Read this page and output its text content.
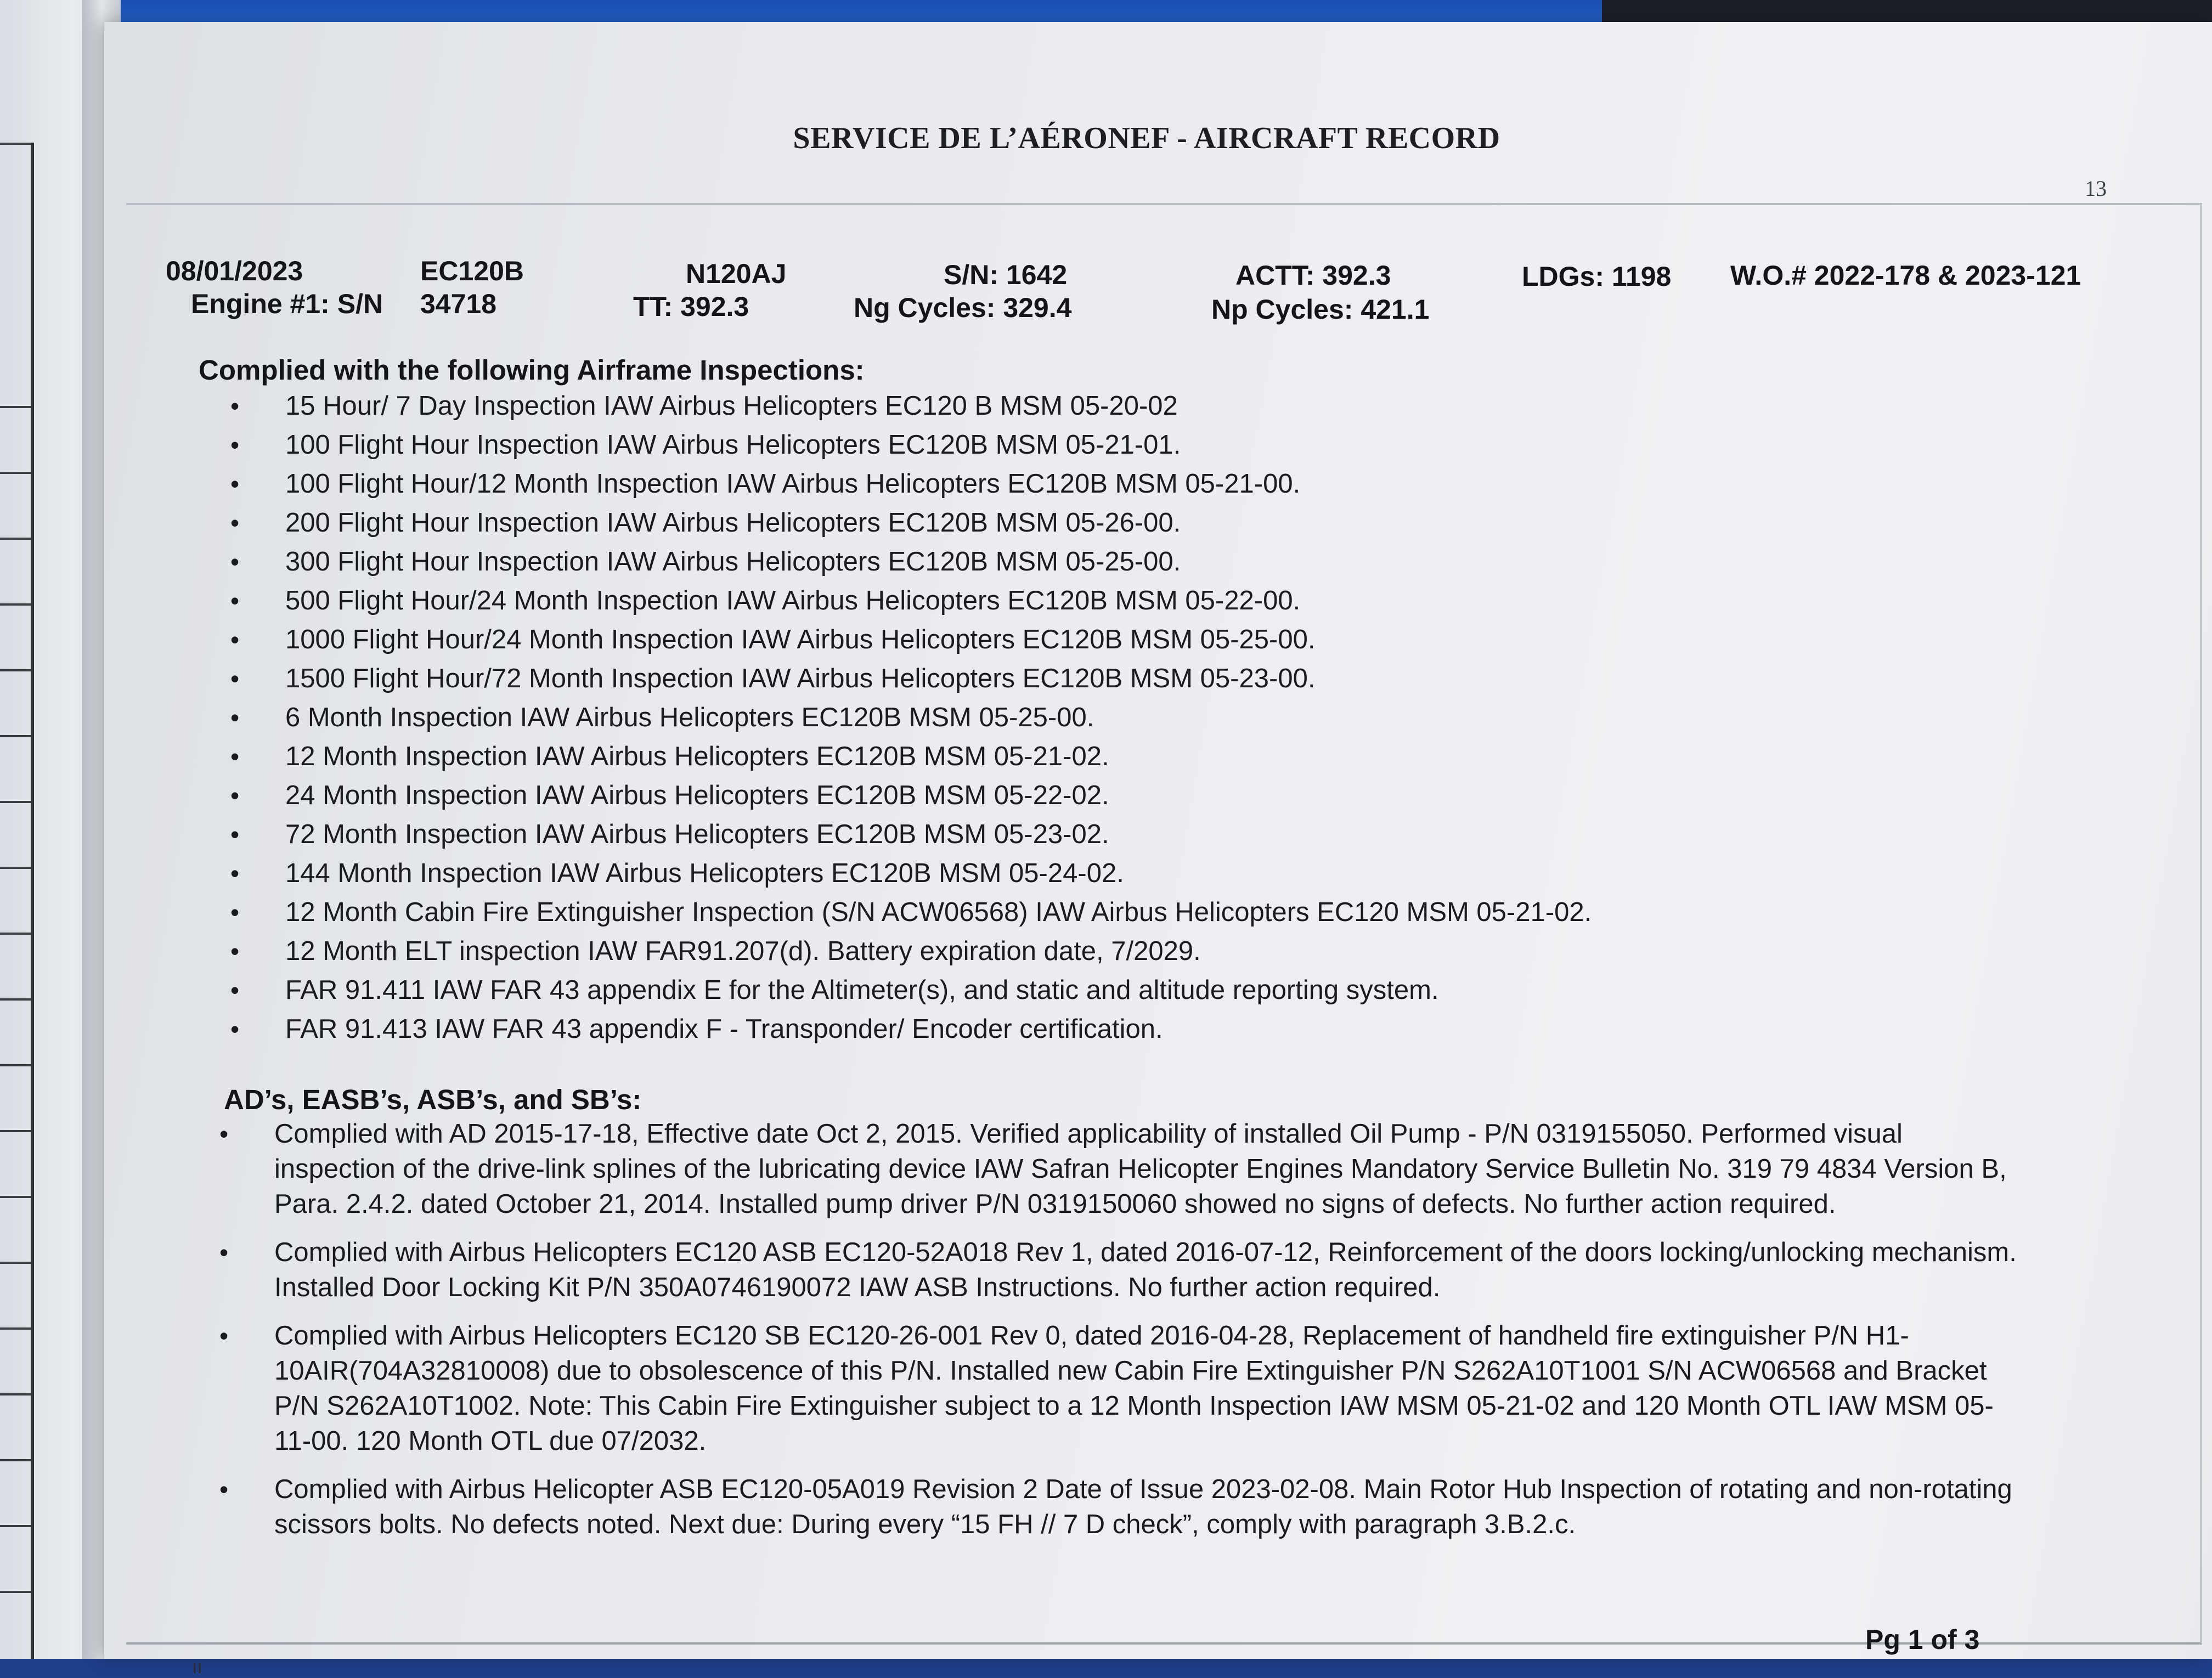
SERVICE DE L’AÉRONEF - AIRCRAFT RECORD
13
08/01/2023	EC120B	N120AJ	S/N: 1642	ACTT: 392.3	LDGs: 1198 W.O.# 2022-178 & 2023-121
Engine #1: S/N 34718	TT: 392.3	Ng Cycles: 329.4	Np Cycles: 421.1
Complied with the following Airframe Inspections:
• 15 Hour/ 7 Day Inspection IAW Airbus Helicopters EC120 B MSM 05-20-02
• 100 Flight Hour Inspection IAW Airbus Helicopters EC120B MSM 05-21-01.
• 100 Flight Hour/12 Month Inspection IAW Airbus Helicopters EC120B MSM 05-21-00.
• 200 Flight Hour Inspection IAW Airbus Helicopters EC120B MSM 05-26-00.
• 300 Flight Hour Inspection IAW Airbus Helicopters EC120B MSM 05-25-00.
• 500 Flight Hour/24 Month Inspection IAW Airbus Helicopters EC120B MSM 05-22-00.
• 1000 Flight Hour/24 Month Inspection IAW Airbus Helicopters EC120B MSM 05-25-00.
• 1500 Flight Hour/72 Month Inspection IAW Airbus Helicopters EC120B MSM 05-23-00.
• 6 Month Inspection IAW Airbus Helicopters EC120B MSM 05-25-00.
• 12 Month Inspection IAW Airbus Helicopters EC120B MSM 05-21-02.
• 24 Month Inspection IAW Airbus Helicopters EC120B MSM 05-22-02.
• 72 Month Inspection IAW Airbus Helicopters EC120B MSM 05-23-02.
• 144 Month Inspection IAW Airbus Helicopters EC120B MSM 05-24-02.
• 12 Month Cabin Fire Extinguisher Inspection (S/N ACW06568) IAW Airbus Helicopters EC120 MSM 05-21-02.
• 12 Month ELT inspection IAW FAR91.207(d). Battery expiration date, 7/2029.
• FAR 91.411 IAW FAR 43 appendix E for the Altimeter(s), and static and altitude reporting system.
• FAR 91.413 IAW FAR 43 appendix F - Transponder/ Encoder certification.
AD’s, EASB’s, ASB’s, and SB’s:
• Complied with AD 2015-17-18, Effective date Oct 2, 2015. Verified applicability of installed Oil Pump - P/N 0319155050. Performed visual inspection of the drive-link splines of the lubricating device IAW Safran Helicopter Engines Mandatory Service Bulletin No. 319 79 4834 Version B, Para. 2.4.2. dated October 21, 2014. Installed pump driver P/N 0319150060 showed no signs of defects. No further action required.
• Complied with Airbus Helicopters EC120 ASB EC120-52A018 Rev 1, dated 2016-07-12, Reinforcement of the doors locking/unlocking mechanism. Installed Door Locking Kit P/N 350A0746190072 IAW ASB Instructions. No further action required.
• Complied with Airbus Helicopters EC120 SB EC120-26-001 Rev 0, dated 2016-04-28, Replacement of handheld fire extinguisher P/N H1-10AIR(704A32810008) due to obsolescence of this P/N. Installed new Cabin Fire Extinguisher P/N S262A10T1001 S/N ACW06568 and Bracket P/N S262A10T1002. Note: This Cabin Fire Extinguisher subject to a 12 Month Inspection IAW MSM 05-21-02 and 120 Month OTL IAW MSM 05-11-00. 120 Month OTL due 07/2032.
• Complied with Airbus Helicopter ASB EC120-05A019 Revision 2 Date of Issue 2023-02-08. Main Rotor Hub Inspection of rotating and non-rotating scissors bolts. No defects noted. Next due: During every “15 FH // 7 D check”, comply with paragraph 3.B.2.c.
Pg 1 of 3
ıı
